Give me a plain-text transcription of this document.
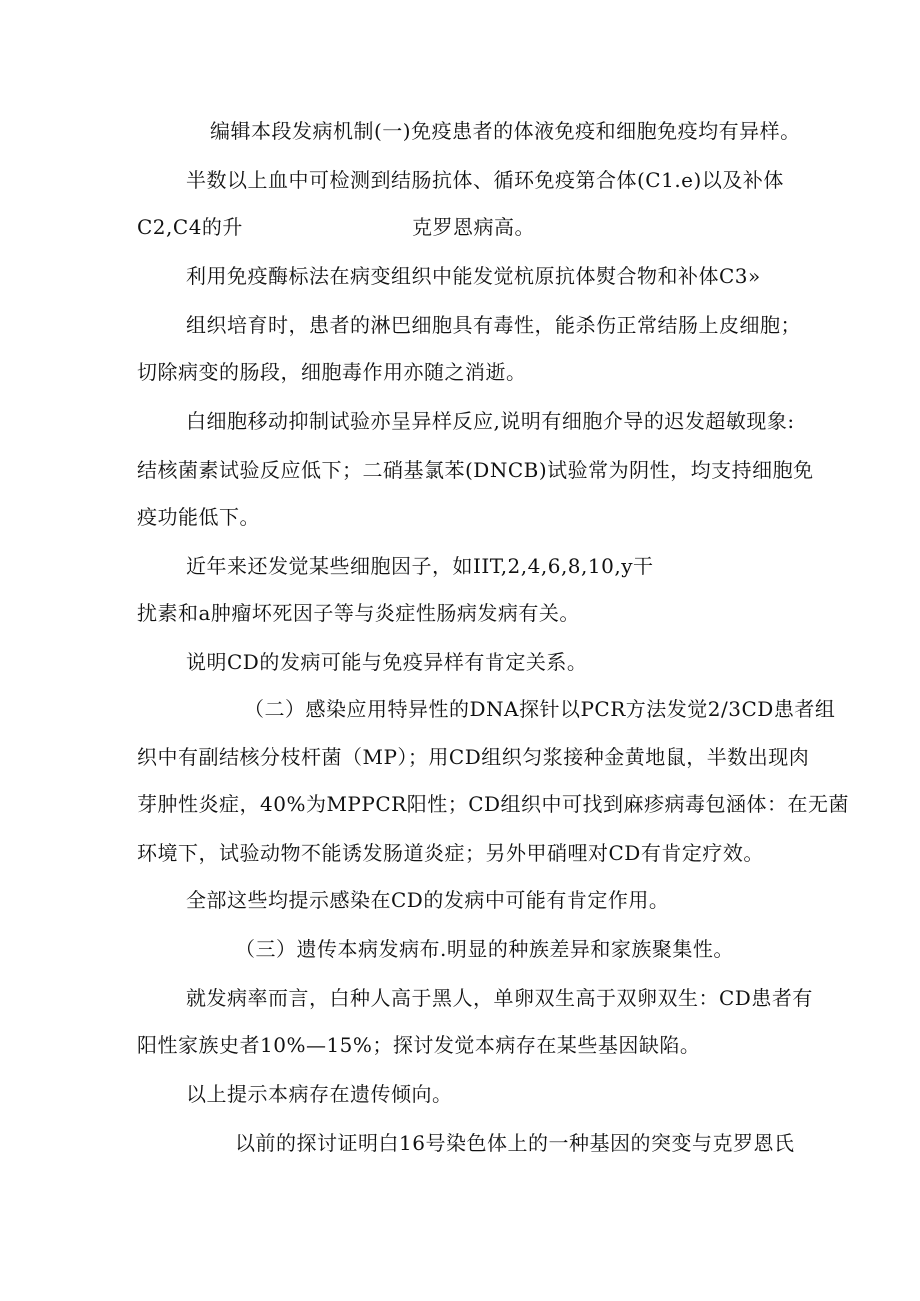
编辑本段发病机制(一)免疫患者的体液免疫和细胞免疫均有异样。
半数以上血中可检测到结肠抗体、循环免疫第合体(C1.e)以及补体
C2,C4的升	克罗恩病高。
利用免疫酶标法在病变组织中能发觉杭原抗体熨合物和补体C3»
组织培育时，患者的淋巴细胞具有毒性，能杀伤正常结肠上皮细胞；
切除病变的肠段，细胞毒作用亦随之消逝。
白细胞移动抑制试验亦呈异样反应,说明有细胞介导的迟发超敏现象:
结核菌素试验反应低下；二硝基氯苯(DNCB)试验常为阴性，均支持细胞免
疫功能低下。
近年来还发觉某些细胞因子，如IIT,2,4,6,8,10,y干
扰素和a肿瘤坏死因子等与炎症性肠病发病有关。
说明CD的发病可能与免疫异样有肯定关系。
（二）感染应用特异性的DNA探针以PCR方法发觉2/3CD患者组
织中有副结核分枝杆菌（MP）；用CD组织匀浆接种金黄地鼠，半数出现肉
芽肿性炎症，40%为MPPCR阳性；CD组织中可找到麻疹病毒包涵体：在无菌
环境下，试验动物不能诱发肠道炎症；另外甲硝哩对CD有肯定疗效。
全部这些均提示感染在CD的发病中可能有肯定作用。
（三）遗传本病发病布.明显的种族差异和家族聚集性。
就发病率而言，白种人高于黑人，单卵双生高于双卵双生：CD患者有
阳性家族史者10%—15%；探讨发觉本病存在某些基因缺陷。
以上提示本病存在遗传倾向。
以前的探讨证明白16号染色体上的一种基因的突变与克罗恩氏
